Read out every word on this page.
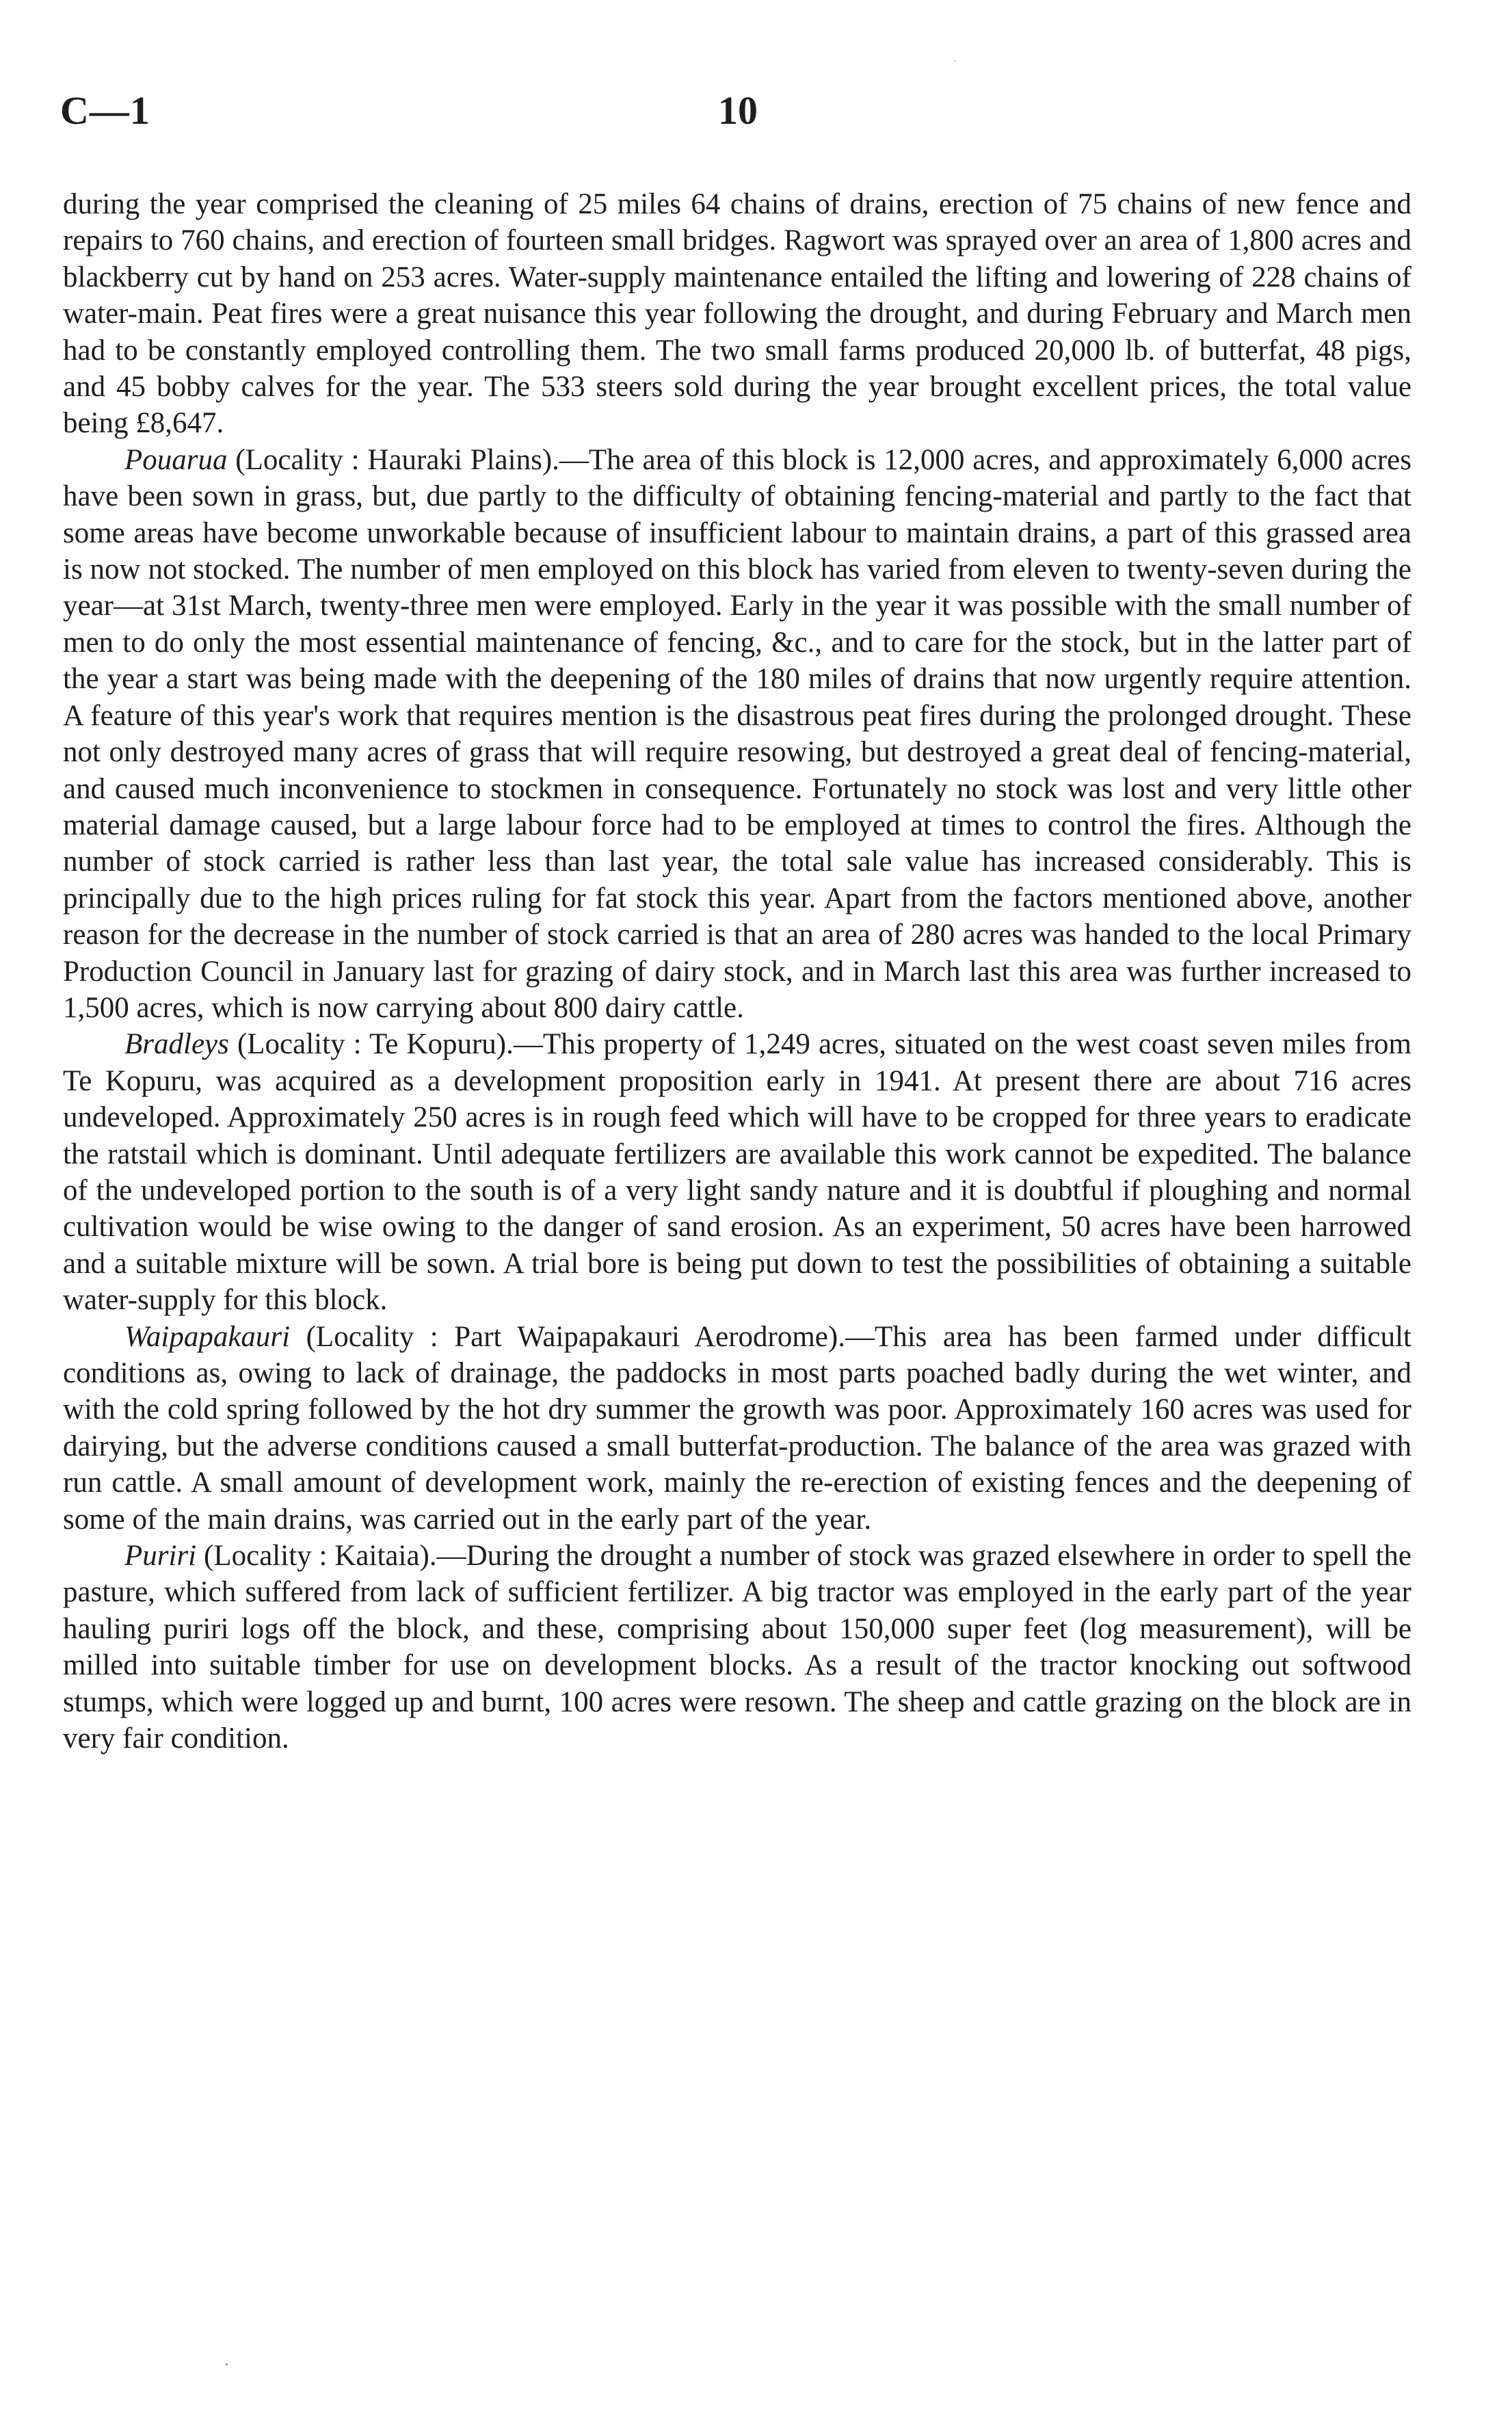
C—1	10

during the year comprised the cleaning of 25 miles 64 chains of drains, erection of 75 chains of new fence and repairs to 760 chains, and erection of fourteen small bridges. Ragwort was sprayed over an area of 1,800 acres and blackberry cut by hand on 253 acres. Water-supply maintenance entailed the lifting and lowering of 228 chains of water-main. Peat fires were a great nuisance this year following the drought, and during February and March men had to be constantly employed controlling them. The two small farms produced 20,000 lb. of butterfat, 48 pigs, and 45 bobby calves for the year. The 533 steers sold during the year brought excellent prices, the total value being £8,647.

Pouarua (Locality : Hauraki Plains).—The area of this block is 12,000 acres, and approximately 6,000 acres have been sown in grass, but, due partly to the difficulty of obtaining fencing-material and partly to the fact that some areas have become unworkable because of insufficient labour to maintain drains, a part of this grassed area is now not stocked. The number of men employed on this block has varied from eleven to twenty-seven during the year—at 31st March, twenty-three men were employed. Early in the year it was possible with the small number of men to do only the most essential maintenance of fencing, &c., and to care for the stock, but in the latter part of the year a start was being made with the deepening of the 180 miles of drains that now urgently require attention. A feature of this year's work that requires mention is the disastrous peat fires during the prolonged drought. These not only destroyed many acres of grass that will require resowing, but destroyed a great deal of fencing-material, and caused much inconvenience to stockmen in consequence. Fortunately no stock was lost and very little other material damage caused, but a large labour force had to be employed at times to control the fires. Although the number of stock carried is rather less than last year, the total sale value has increased considerably. This is principally due to the high prices ruling for fat stock this year. Apart from the factors mentioned above, another reason for the decrease in the number of stock carried is that an area of 280 acres was handed to the local Primary Production Council in January last for grazing of dairy stock, and in March last this area was further increased to 1,500 acres, which is now carrying about 800 dairy cattle.

Bradleys (Locality : Te Kopuru).—This property of 1,249 acres, situated on the west coast seven miles from Te Kopuru, was acquired as a development proposition early in 1941. At present there are about 716 acres undeveloped. Approximately 250 acres is in rough feed which will have to be cropped for three years to eradicate the ratstail which is dominant. Until adequate fertilizers are available this work cannot be expedited. The balance of the undeveloped portion to the south is of a very light sandy nature and it is doubtful if ploughing and normal cultivation would be wise owing to the danger of sand erosion. As an experiment, 50 acres have been harrowed and a suitable mixture will be sown. A trial bore is being put down to test the possibilities of obtaining a suitable water-supply for this block.

Waipapakauri (Locality : Part Waipapakauri Aerodrome).—This area has been farmed under difficult conditions as, owing to lack of drainage, the paddocks in most parts poached badly during the wet winter, and with the cold spring followed by the hot dry summer the growth was poor. Approximately 160 acres was used for dairying, but the adverse conditions caused a small butterfat-production. The balance of the area was grazed with run cattle. A small amount of development work, mainly the re-erection of existing fences and the deepening of some of the main drains, was carried out in the early part of the year.

Puriri (Locality : Kaitaia).—During the drought a number of stock was grazed elsewhere in order to spell the pasture, which suffered from lack of sufficient fertilizer. A big tractor was employed in the early part of the year hauling puriri logs off the block, and these, comprising about 150,000 super feet (log measurement), will be milled into suitable timber for use on development blocks. As a result of the tractor knocking out softwood stumps, which were logged up and burnt, 100 acres were resown. The sheep and cattle grazing on the block are in very fair condition.
